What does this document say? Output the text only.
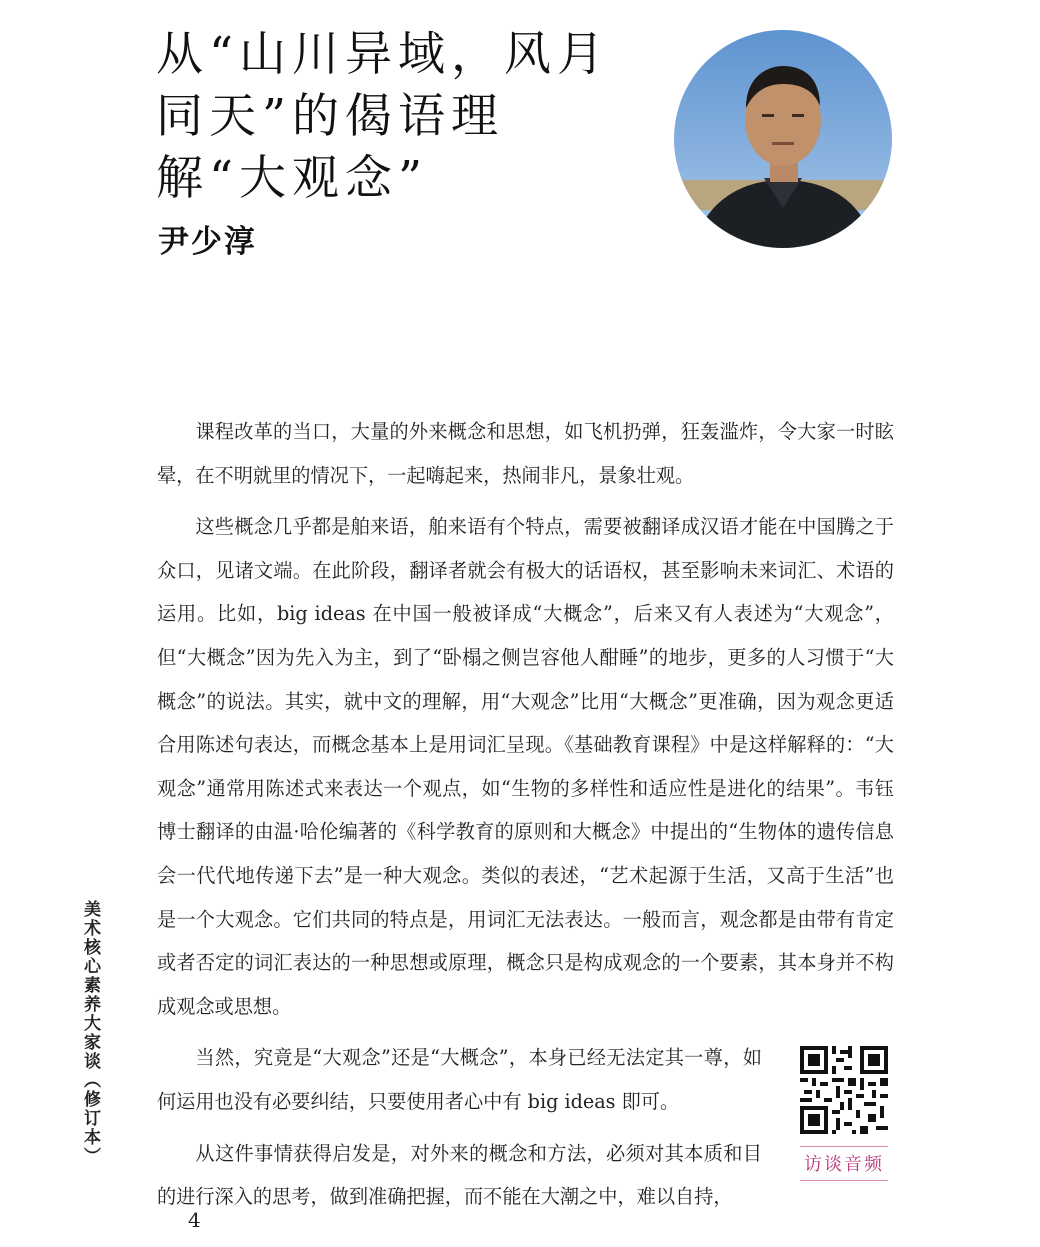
从“山川异域，风月同天”的偈语理解“大观念”
尹少淳

课程改革的当口，大量的外来概念和思想，如飞机扔弹，狂轰滥炸，令大家一时眩晕，在不明就里的情况下，一起嗨起来，热闹非凡，景象壮观。

这些概念几乎都是舶来语，舶来语有个特点，需要被翻译成汉语才能在中国腾之于众口，见诸文端。在此阶段，翻译者就会有极大的话语权，甚至影响未来词汇、术语的运用。比如，big ideas 在中国一般被译成“大概念”，后来又有人表述为“大观念”，但“大概念”因为先入为主，到了“卧榻之侧岂容他人酣睡”的地步，更多的人习惯于“大概念”的说法。其实，就中文的理解，用“大观念”比用“大概念”更准确，因为观念更适合用陈述句表达，而概念基本上是用词汇呈现。《基础教育课程》中是这样解释的：“大观念”通常用陈述式来表达一个观点，如“生物的多样性和适应性是进化的结果”。韦钰博士翻译的由温·哈伦编著的《科学教育的原则和大概念》中提出的“生物体的遗传信息会一代代地传递下去”是一种大观念。类似的表述，“艺术起源于生活，又高于生活”也是一个大观念。它们共同的特点是，用词汇无法表达。一般而言，观念都是由带有肯定或者否定的词汇表达的一种思想或原理，概念只是构成观念的一个要素，其本身并不构成观念或思想。

当然，究竟是“大观念”还是“大概念”，本身已经无法定其一尊，如何运用也没有必要纠结，只要使用者心中有 big ideas 即可。

从这件事情获得启发是，对外来的概念和方法，必须对其本质和目的进行深入的思考，做到准确把握，而不能在大潮之中，难以自持，

美术核心素养大家谈（修订本）
4
访谈音频
